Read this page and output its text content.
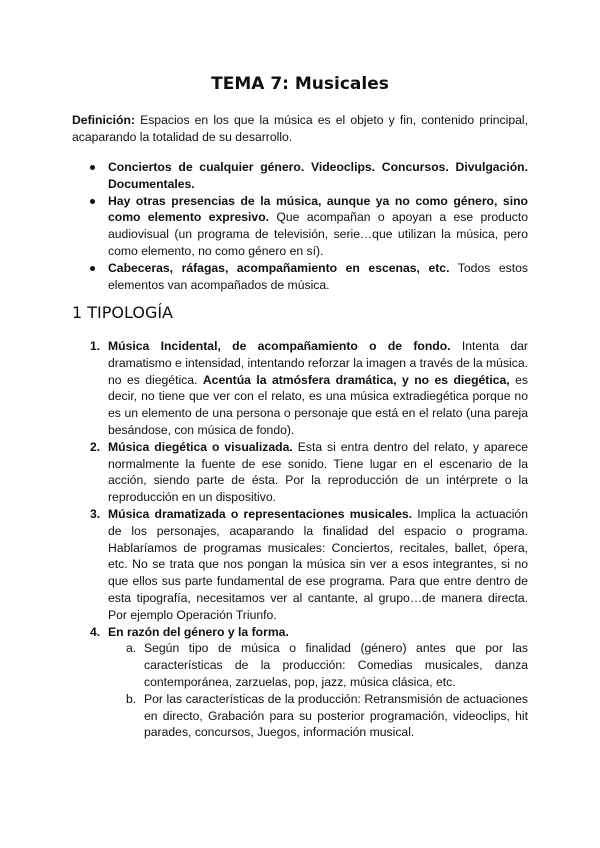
TEMA 7: Musicales
Definición: Espacios en los que la música es el objeto y fin, contenido principal, acaparando la totalidad de su desarrollo.
Conciertos de cualquier género. Videoclips. Concursos. Divulgación. Documentales.
Hay otras presencias de la música, aunque ya no como género, sino como elemento expresivo. Que acompañan o apoyan a ese producto audiovisual (un programa de televisión, serie…que utilizan la música, pero como elemento, no como género en sí).
Cabeceras, ráfagas, acompañamiento en escenas, etc. Todos estos elementos van acompañados de música.
1 TIPOLOGÍA
1. Música Incidental, de acompañamiento o de fondo. Intenta dar dramatismo e intensidad, intentando reforzar la imagen a través de la música. no es diegética. Acentúa la atmósfera dramática, y no es diegética, es decir, no tiene que ver con el relato, es una música extradiegética porque no es un elemento de una persona o personaje que está en el relato (una pareja besándose, con música de fondo).
2. Música diegética o visualizada. Esta si entra dentro del relato, y aparece normalmente la fuente de ese sonido. Tiene lugar en el escenario de la acción, siendo parte de ésta. Por la reproducción de un intérprete o la reproducción en un dispositivo.
3. Música dramatizada o representaciones musicales. Implica la actuación de los personajes, acaparando la finalidad del espacio o programa. Hablaríamos de programas musicales: Conciertos, recitales, ballet, ópera, etc. No se trata que nos pongan la música sin ver a esos integrantes, si no que ellos sus parte fundamental de ese programa. Para que entre dentro de esta tipografía, necesitamos ver al cantante, al grupo…de manera directa. Por ejemplo Operación Triunfo.
4. En razón del género y la forma.
a. Según tipo de música o finalidad (género) antes que por las características de la producción: Comedias musicales, danza contemporánea, zarzuelas, pop, jazz, música clásica, etc.
b. Por las características de la producción: Retransmisión de actuaciones en directo, Grabación para su posterior programación, videoclips, hit parades, concursos, Juegos, información musical.
